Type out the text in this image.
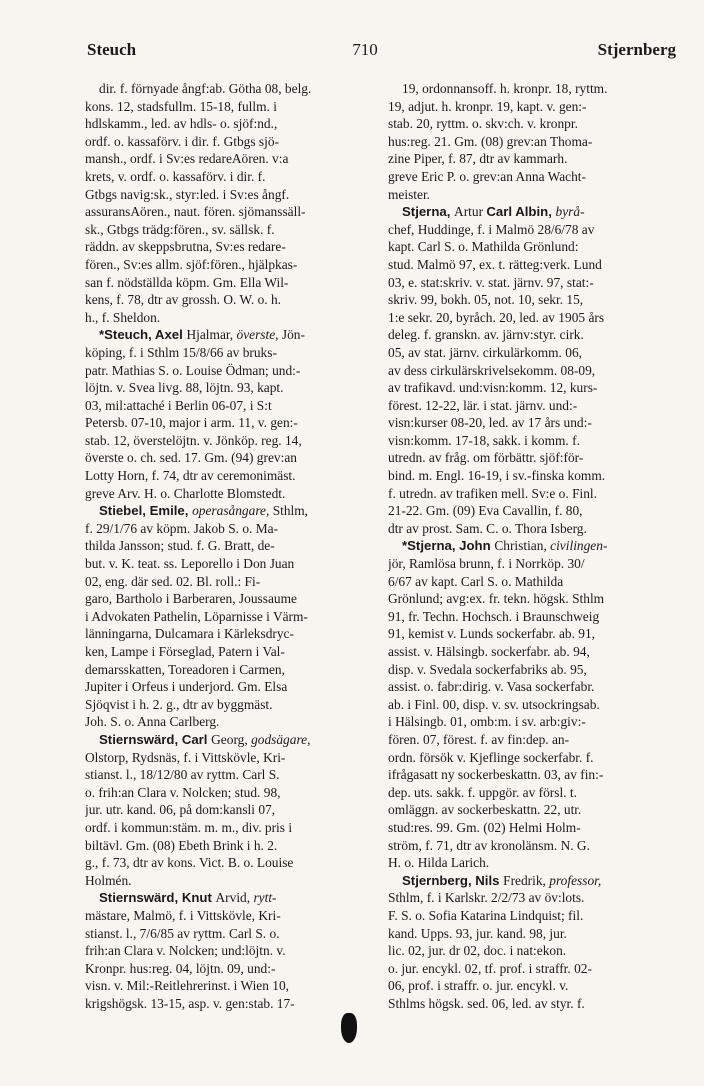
Steuch	710	Stjernberg
dir. f. förnyade ångf:ab. Götha 08, belg.
kons. 12, stadsfullm. 15-18, fullm. i
hdlskamm., led. av hdls- o. sjöf:nd.,
ordf. o. kassaförv. i dir. f. Gtbgs sjö-
mansh., ordf. i Sv:es redareAören. v:a
krets, v. ordf. o. kassaförv. i dir. f.
Gtbgs navig:sk., styr:led. i Sv:es ångf.
assuransAören., naut. fören. sjömanssäll-
sk., Gtbgs trädg:fören., sv. sällsk. f.
räddn. av skeppsbrutna, Sv:es redare-
fören., Sv:es allm. sjöf:fören., hjälpkas-
san f. nödställda köpm. Gm. Ella Wil-
kens, f. 78, dtr av grossh. O. W. o. h.
h., f. Sheldon.
*Steuch, Axel Hjalmar, överste, Jön-
köping, f. i Sthlm 15/8/66 av bruks-
patr. Mathias S. o. Louise Ödman; und:-
löjtn. v. Svea livg. 88, löjtn. 93, kapt.
03, mil:attaché i Berlin 06-07, i S:t
Petersb. 07-10, major i arm. 11, v. gen:-
stab. 12, överstelöjtn. v. Jönköp. reg. 14,
överste o. ch. sed. 17. Gm. (94) grev:an
Lotty Horn, f. 74, dtr av ceremonimäst.
greve Arv. H. o. Charlotte Blomstedt.
Stiebel, Emile, operasångare, Sthlm,
f. 29/1/76 av köpm. Jakob S. o. Ma-
thilda Jansson; stud. f. G. Bratt, de-
but. v. K. teat. ss. Leporello i Don Juan
02, eng. där sed. 02. Bl. roll.: Fi-
garo, Bartholo i Barberaren, Joussaume
i Advokaten Pathelin, Löparnisse i Värm-
länningarna, Dulcamara i Kärleksdryc-
ken, Lampe i Förseglad, Patern i Val-
demarsskatten, Toreadoren i Carmen,
Jupiter i Orfeus i underjord. Gm. Elsa
Sjöqvist i h. 2. g., dtr av byggmäst.
Joh. S. o. Anna Carlberg.
Stiernswärd, Carl Georg, godsägare,
Olstorp, Rydsnäs, f. i Vittskövle, Kri-
stianst. l., 18/12/80 av ryttm. Carl S.
o. frih:an Clara v. Nolcken; stud. 98,
jur. utr. kand. 06, på dom:kansli 07,
ordf. i kommun:stäm. m. m., div. pris i
biltävl. Gm. (08) Ebeth Brink i h. 2.
g., f. 73, dtr av kons. Vict. B. o. Louise
Holmén.
Stiernswärd, Knut Arvid, rytt-
mästare, Malmö, f. i Vittskövle, Kri-
stianst. l., 7/6/85 av ryttm. Carl S. o.
frih:an Clara v. Nolcken; und:löjtn. v.
Kronpr. hus:reg. 04, löjtn. 09, und:-
visn. v. Mil:-Reitlehrerinst. i Wien 10,
krigshögsk. 13-15, asp. v. gen:stab. 17-
19, ordonnansoff. h. kronpr. 18, ryttm.
19, adjut. h. kronpr. 19, kapt. v. gen:-
stab. 20, ryttm. o. skv:ch. v. kronpr.
hus:reg. 21. Gm. (08) grev:an Thoma-
zine Piper, f. 87, dtr av kammarh.
greve Eric P. o. grev:an Anna Wacht-
meister.
Stjerna, Artur Carl Albin, byrå-
chef, Huddinge, f. i Malmö 28/6/78 av
kapt. Carl S. o. Mathilda Grönlund:
stud. Malmö 97, ex. t. rätteg:verk. Lund
03, e. stat:skriv. v. stat. järnv. 97, stat:-
skriv. 99, bokh. 05, not. 10, sekr. 15,
1:e sekr. 20, byråch. 20, led. av 1905 års
deleg. f. granskn. av. järnv:styr. cirk.
05, av stat. järnv. cirkulärkomm. 06,
av dess cirkulärskrivelsekomm. 08-09,
av trafikavd. und:visn:komm. 12, kurs-
förest. 12-22, lär. i stat. järnv. und:-
visn:kurser 08-20, led. av 17 års und:-
visn:komm. 17-18, sakk. i komm. f.
utredn. av fråg. om förbättr. sjöf:för-
bind. m. Engl. 16-19, i sv.-finska komm.
f. utredn. av trafiken mell. Sv:e o. Finl.
21-22. Gm. (09) Eva Cavallin, f. 80,
dtr av prost. Sam. C. o. Thora Isberg.
*Stjerna, John Christian, civilingen-
jör, Ramlösa brunn, f. i Norrköp. 30/
6/67 av kapt. Carl S. o. Mathilda
Grönlund; avg:ex. fr. tekn. högsk. Sthlm
91, fr. Techn. Hochsch. i Braunschweig
91, kemist v. Lunds sockerfabr. ab. 91,
assist. v. Hälsingb. sockerfabr. ab. 94,
disp. v. Svedala sockerfabriks ab. 95,
assist. o. fabr:dirig. v. Vasa sockerfabr.
ab. i Finl. 00, disp. v. sv. utsockringsab.
i Hälsingb. 01, omb:m. i sv. arb:giv:-
fören. 07, förest. f. av fin:dep. an-
ordn. försök v. Kjeflinge sockerfabr. f.
ifrågasatt ny sockerbeskattn. 03, av fin:-
dep. uts. sakk. f. uppgör. av försl. t.
omläggn. av sockerbeskattn. 22, utr.
stud:res. 99. Gm. (02) Helmi Holm-
ström, f. 71, dtr av kronolänsm. N. G.
H. o. Hilda Larich.
Stjernberg, Nils Fredrik, professor,
Sthlm, f. i Karlskr. 2/2/73 av öv:lots.
F. S. o. Sofia Katarina Lindquist; fil.
kand. Upps. 93, jur. kand. 98, jur.
lic. 02, jur. dr 02, doc. i nat:ekon.
o. jur. encykl. 02, tf. prof. i straffr. 02-
06, prof. i straffr. o. jur. encykl. v.
Sthlms högsk. sed. 06, led. av styr. f.
